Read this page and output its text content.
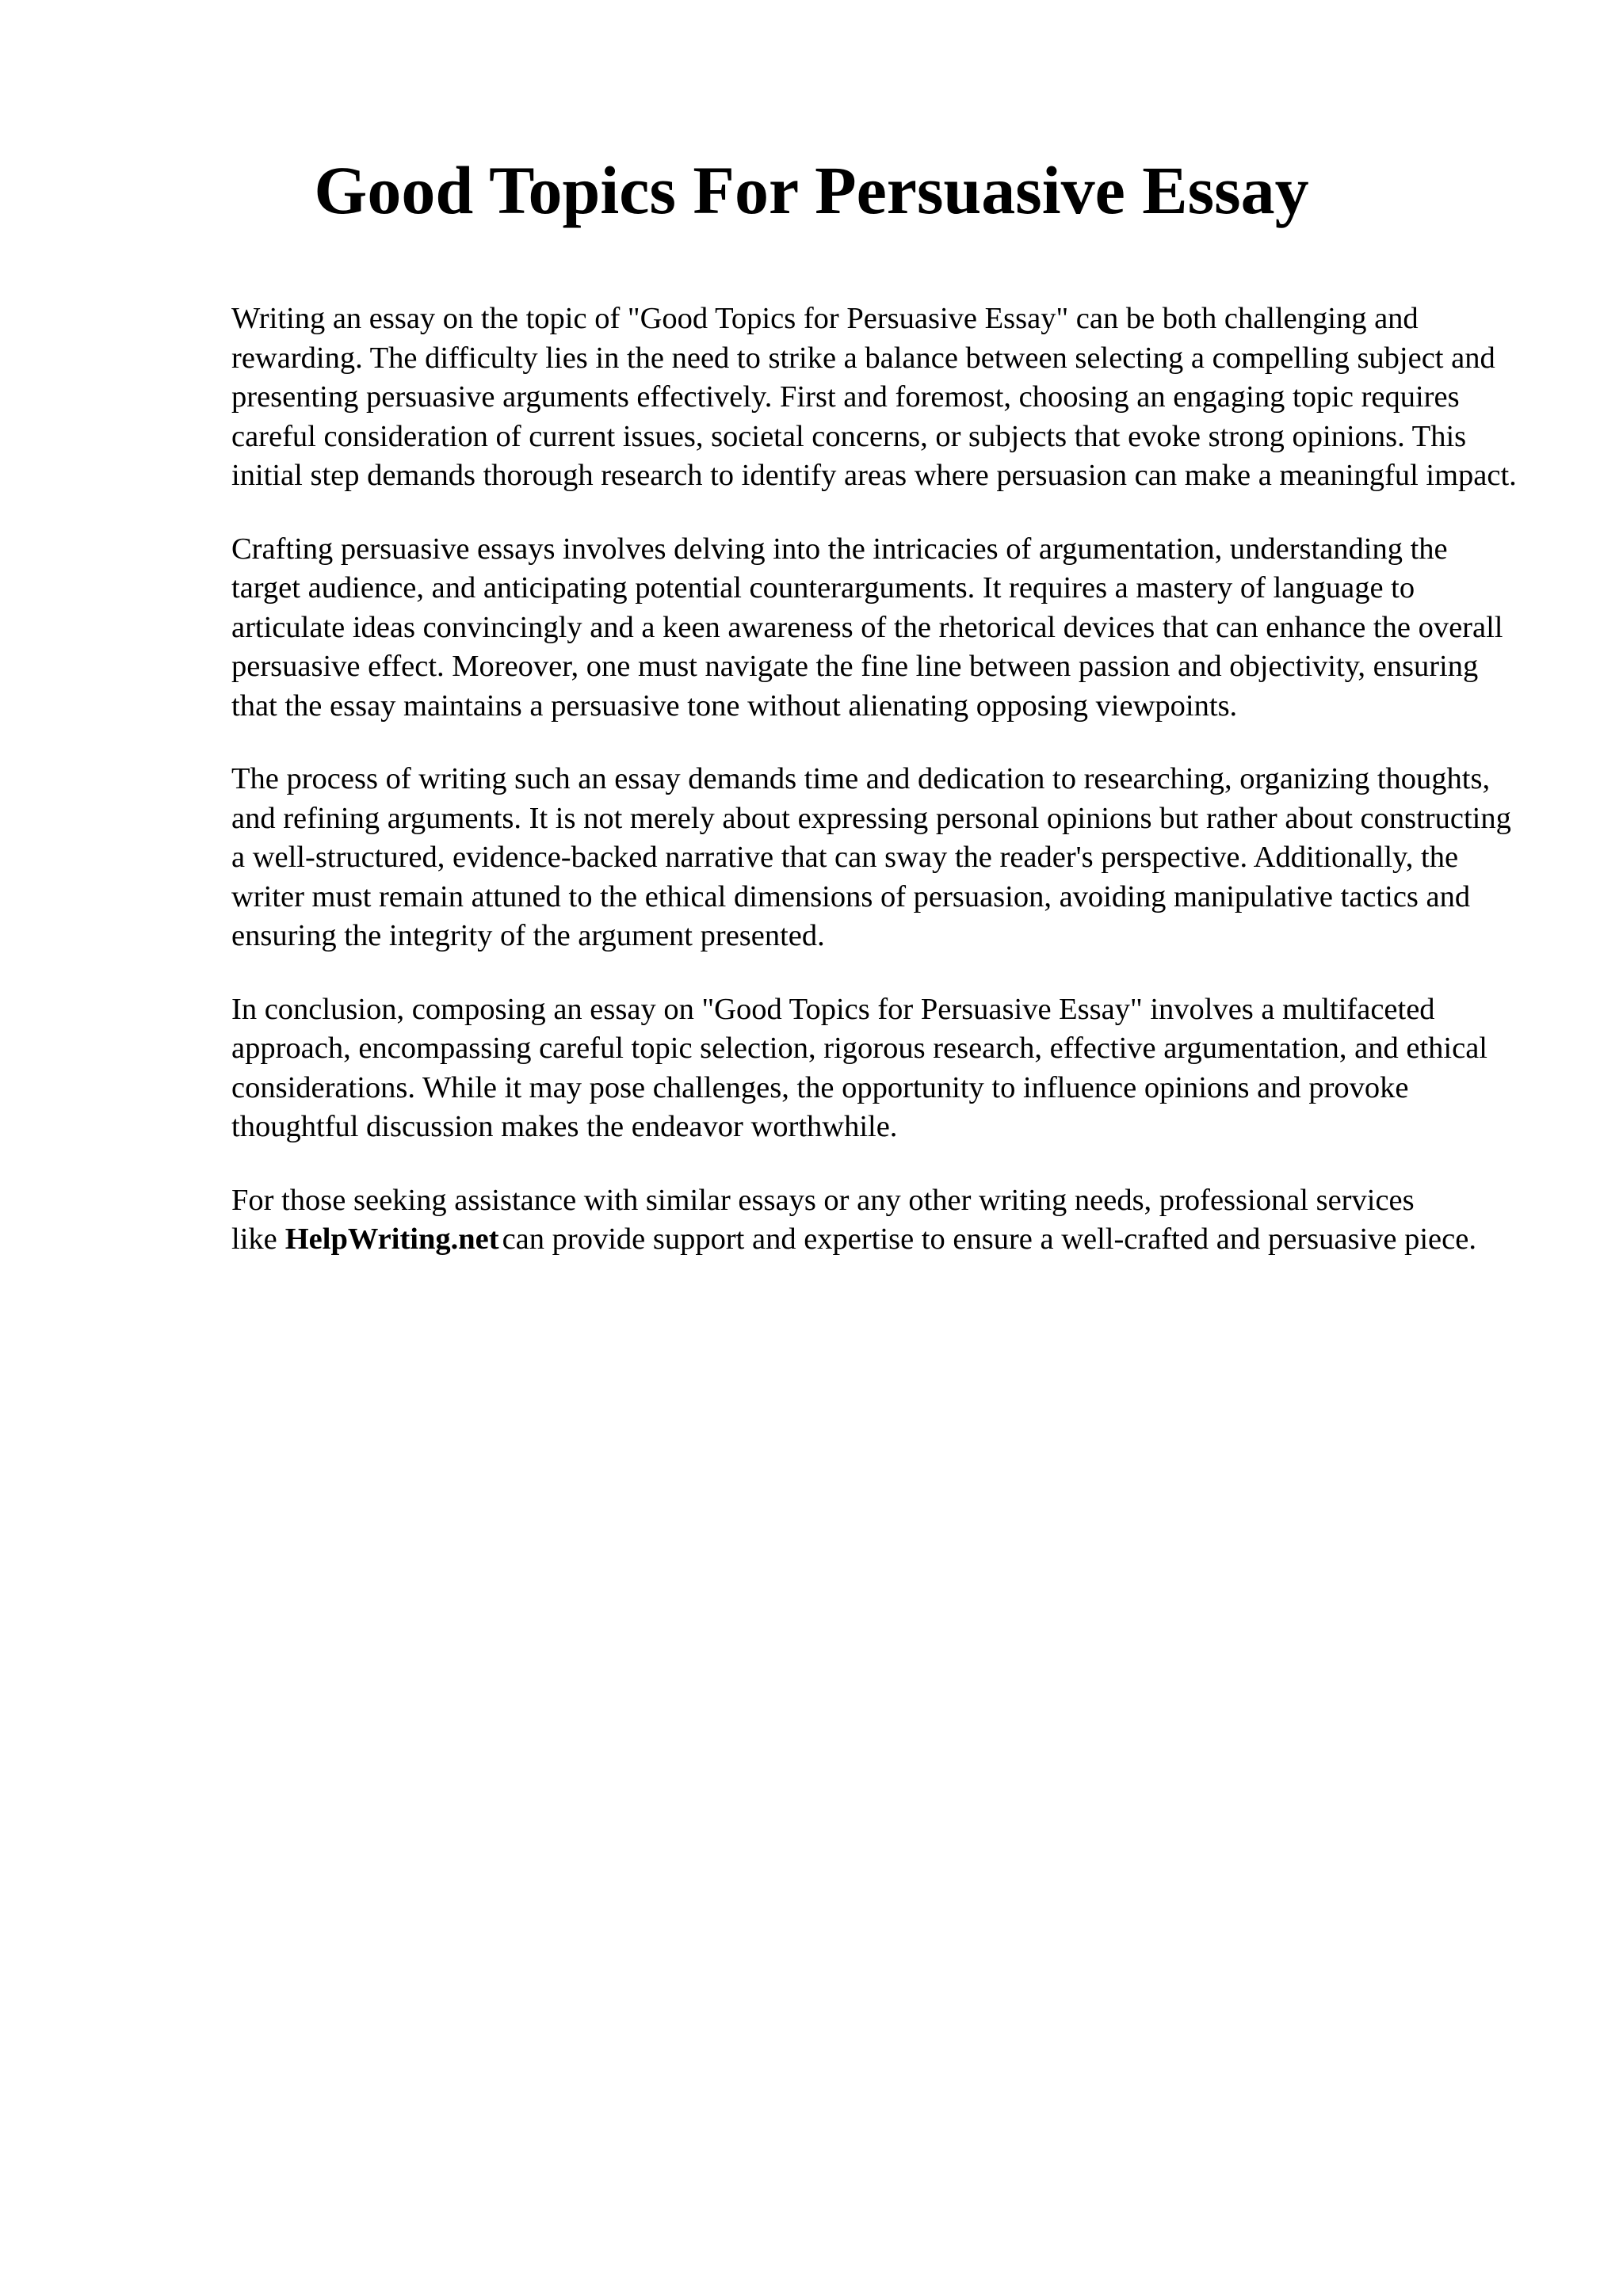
Good Topics For Persuasive Essay

Writing an essay on the topic of "Good Topics for Persuasive Essay" can be both challenging and rewarding. The difficulty lies in the need to strike a balance between selecting a compelling subject and presenting persuasive arguments effectively. First and foremost, choosing an engaging topic requires careful consideration of current issues, societal concerns, or subjects that evoke strong opinions. This initial step demands thorough research to identify areas where persuasion can make a meaningful impact.

Crafting persuasive essays involves delving into the intricacies of argumentation, understanding the target audience, and anticipating potential counterarguments. It requires a mastery of language to articulate ideas convincingly and a keen awareness of the rhetorical devices that can enhance the overall persuasive effect. Moreover, one must navigate the fine line between passion and objectivity, ensuring that the essay maintains a persuasive tone without alienating opposing viewpoints.

The process of writing such an essay demands time and dedication to researching, organizing thoughts, and refining arguments. It is not merely about expressing personal opinions but rather about constructing a well-structured, evidence-backed narrative that can sway the reader's perspective. Additionally, the writer must remain attuned to the ethical dimensions of persuasion, avoiding manipulative tactics and ensuring the integrity of the argument presented.

In conclusion, composing an essay on "Good Topics for Persuasive Essay" involves a multifaceted approach, encompassing careful topic selection, rigorous research, effective argumentation, and ethical considerations. While it may pose challenges, the opportunity to influence opinions and provoke thoughtful discussion makes the endeavor worthwhile.

For those seeking assistance with similar essays or any other writing needs, professional services like HelpWriting.net can provide support and expertise to ensure a well-crafted and persuasive piece.
